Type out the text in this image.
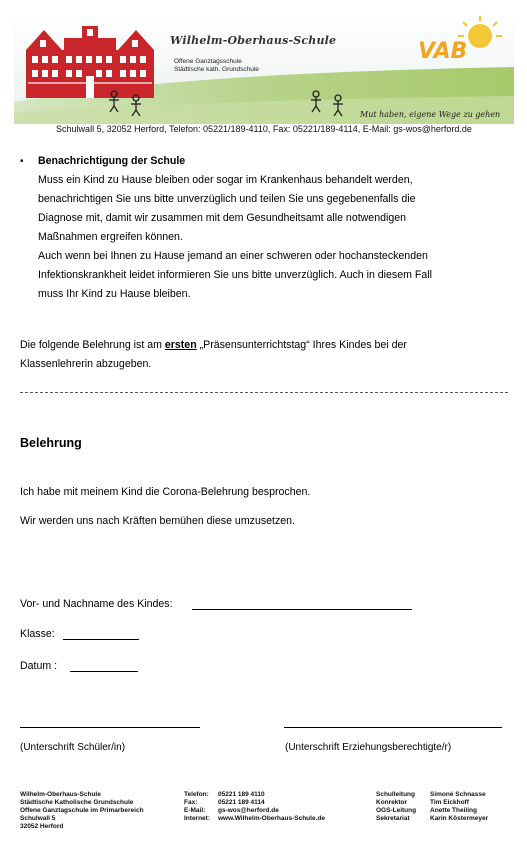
VAB
Wilhelm-Oberhaus-Schule
Offene Ganztagsschule
Städtische kath. Grundschule
Mut haben, eigene Wege zu gehen
Schulwall 5, 32052 Herford, Telefon: 05221/189-4110, Fax: 05221/189-4114, E-Mail: gs-wos@herford.de
• Benachrichtigung der Schule
Muss ein Kind zu Hause bleiben oder sogar im Krankenhaus behandelt werden,
benachrichtigen Sie uns bitte unverzüglich und teilen Sie uns gegebenenfalls die
Diagnose mit, damit wir zusammen mit dem Gesundheitsamt alle notwendigen
Maßnahmen ergreifen können.
Auch wenn bei Ihnen zu Hause jemand an einer schweren oder hochansteckenden
Infektionskrankheit leidet informieren Sie uns bitte unverzüglich. Auch in diesem Fall
muss Ihr Kind zu Hause bleiben.
Die folgende Belehrung ist am ersten „Präsensunterrichtstag“ Ihres Kindes bei der
Klassenlehrerin abzugeben.
Belehrung
Ich habe mit meinem Kind die Corona-Belehrung besprochen.
Wir werden uns nach Kräften bemühen diese umzusetzen.
Vor- und Nachname des Kindes:
Klasse:
Datum :
(Unterschrift Schüler/in)	(Unterschrift Erziehungsberechtigte/r)
Wilhelm-Oberhaus-Schule
Städtische Katholische Grundschule
Offene Ganztagschule im Primarbereich
Schulwall 5
32052 Herford
Telefon:
Fax:
E-Mail:
Internet:
05221 189 4110
05221 189 4114
gs-wos@herford.de
www.Wilhelm-Oberhaus-Schule.de
Schulleitung
Konrektor
OGS-Leitung
Sekretariat
Simoné Schnasse
Tim Eickhoff
Anette Theiling
Karin Köstermeyer
